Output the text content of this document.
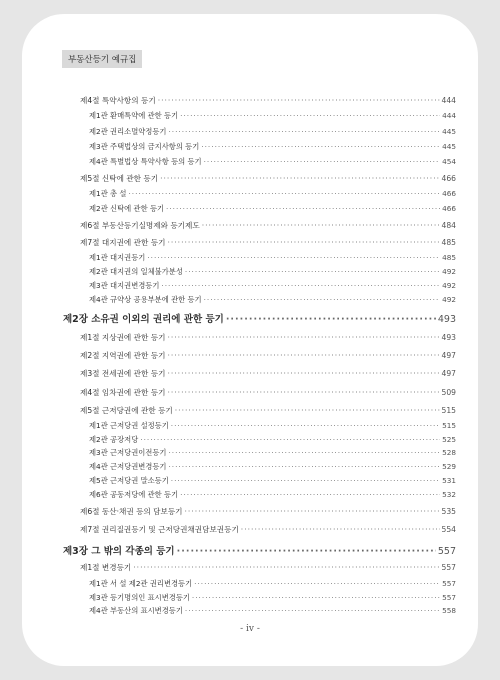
부동산등기 예규집
제4절 특약사항의 등기 ·····	444
제1관 환매특약에 관한 등기 ·····	444
제2관 권리소멸약정등기 ·····	445
제3관 주택법상의 금지사항의 등기 ·····	445
제4관 특별법상 특약사항 등의 등기 ·····	454
제5절 신탁에 관한 등기 ·····	466
제1관 총 설 ·····	466
제2관 신탁에 관한 등기 ·····	466
제6절 부동산등기실명제와 등기제도 ·····	484
제7절 대지권에 관한 등기 ·····	485
제1관 대지권등기 ·····	485
제2관 대지권의 일체불가분성 ·····	492
제3관 대지권변경등기 ·····	492
제4관 규약상 공용부분에 관한 등기 ·····	492
제2장 소유권 이외의 권리에 관한 등기 ·····	493
제1절 지상권에 관한 등기 ·····	493
제2절 지역권에 관한 등기 ·····	497
제3절 전세권에 관한 등기 ·····	497
제4절 임차권에 관한 등기 ·····	509
제5절 근저당권에 관한 등기 ·····	515
제1관 근저당권 설정등기 ·····	515
제2관 공장저당 ·····	525
제3관 근저당권이전등기 ·····	528
제4관 근저당권변경등기 ·····	529
제5관 근저당권 말소등기 ·····	531
제6관 공동저당에 관한 등기 ·····	532
제6절 동산·채권 등의 담보등기 ·····	535
제7절 권리질권등기 및 근저당권채권담보권등기 ·····	554
제3장 그 밖의 각종의 등기 ·····	557
제1절 변경등기 ·····	557
제1관 서 설 제2관 권리변경등기 ·····	557
제3관 등기명의인 표시변경등기 ·····	557
제4관 부동산의 표시변경등기 ·····	558
- iv -
